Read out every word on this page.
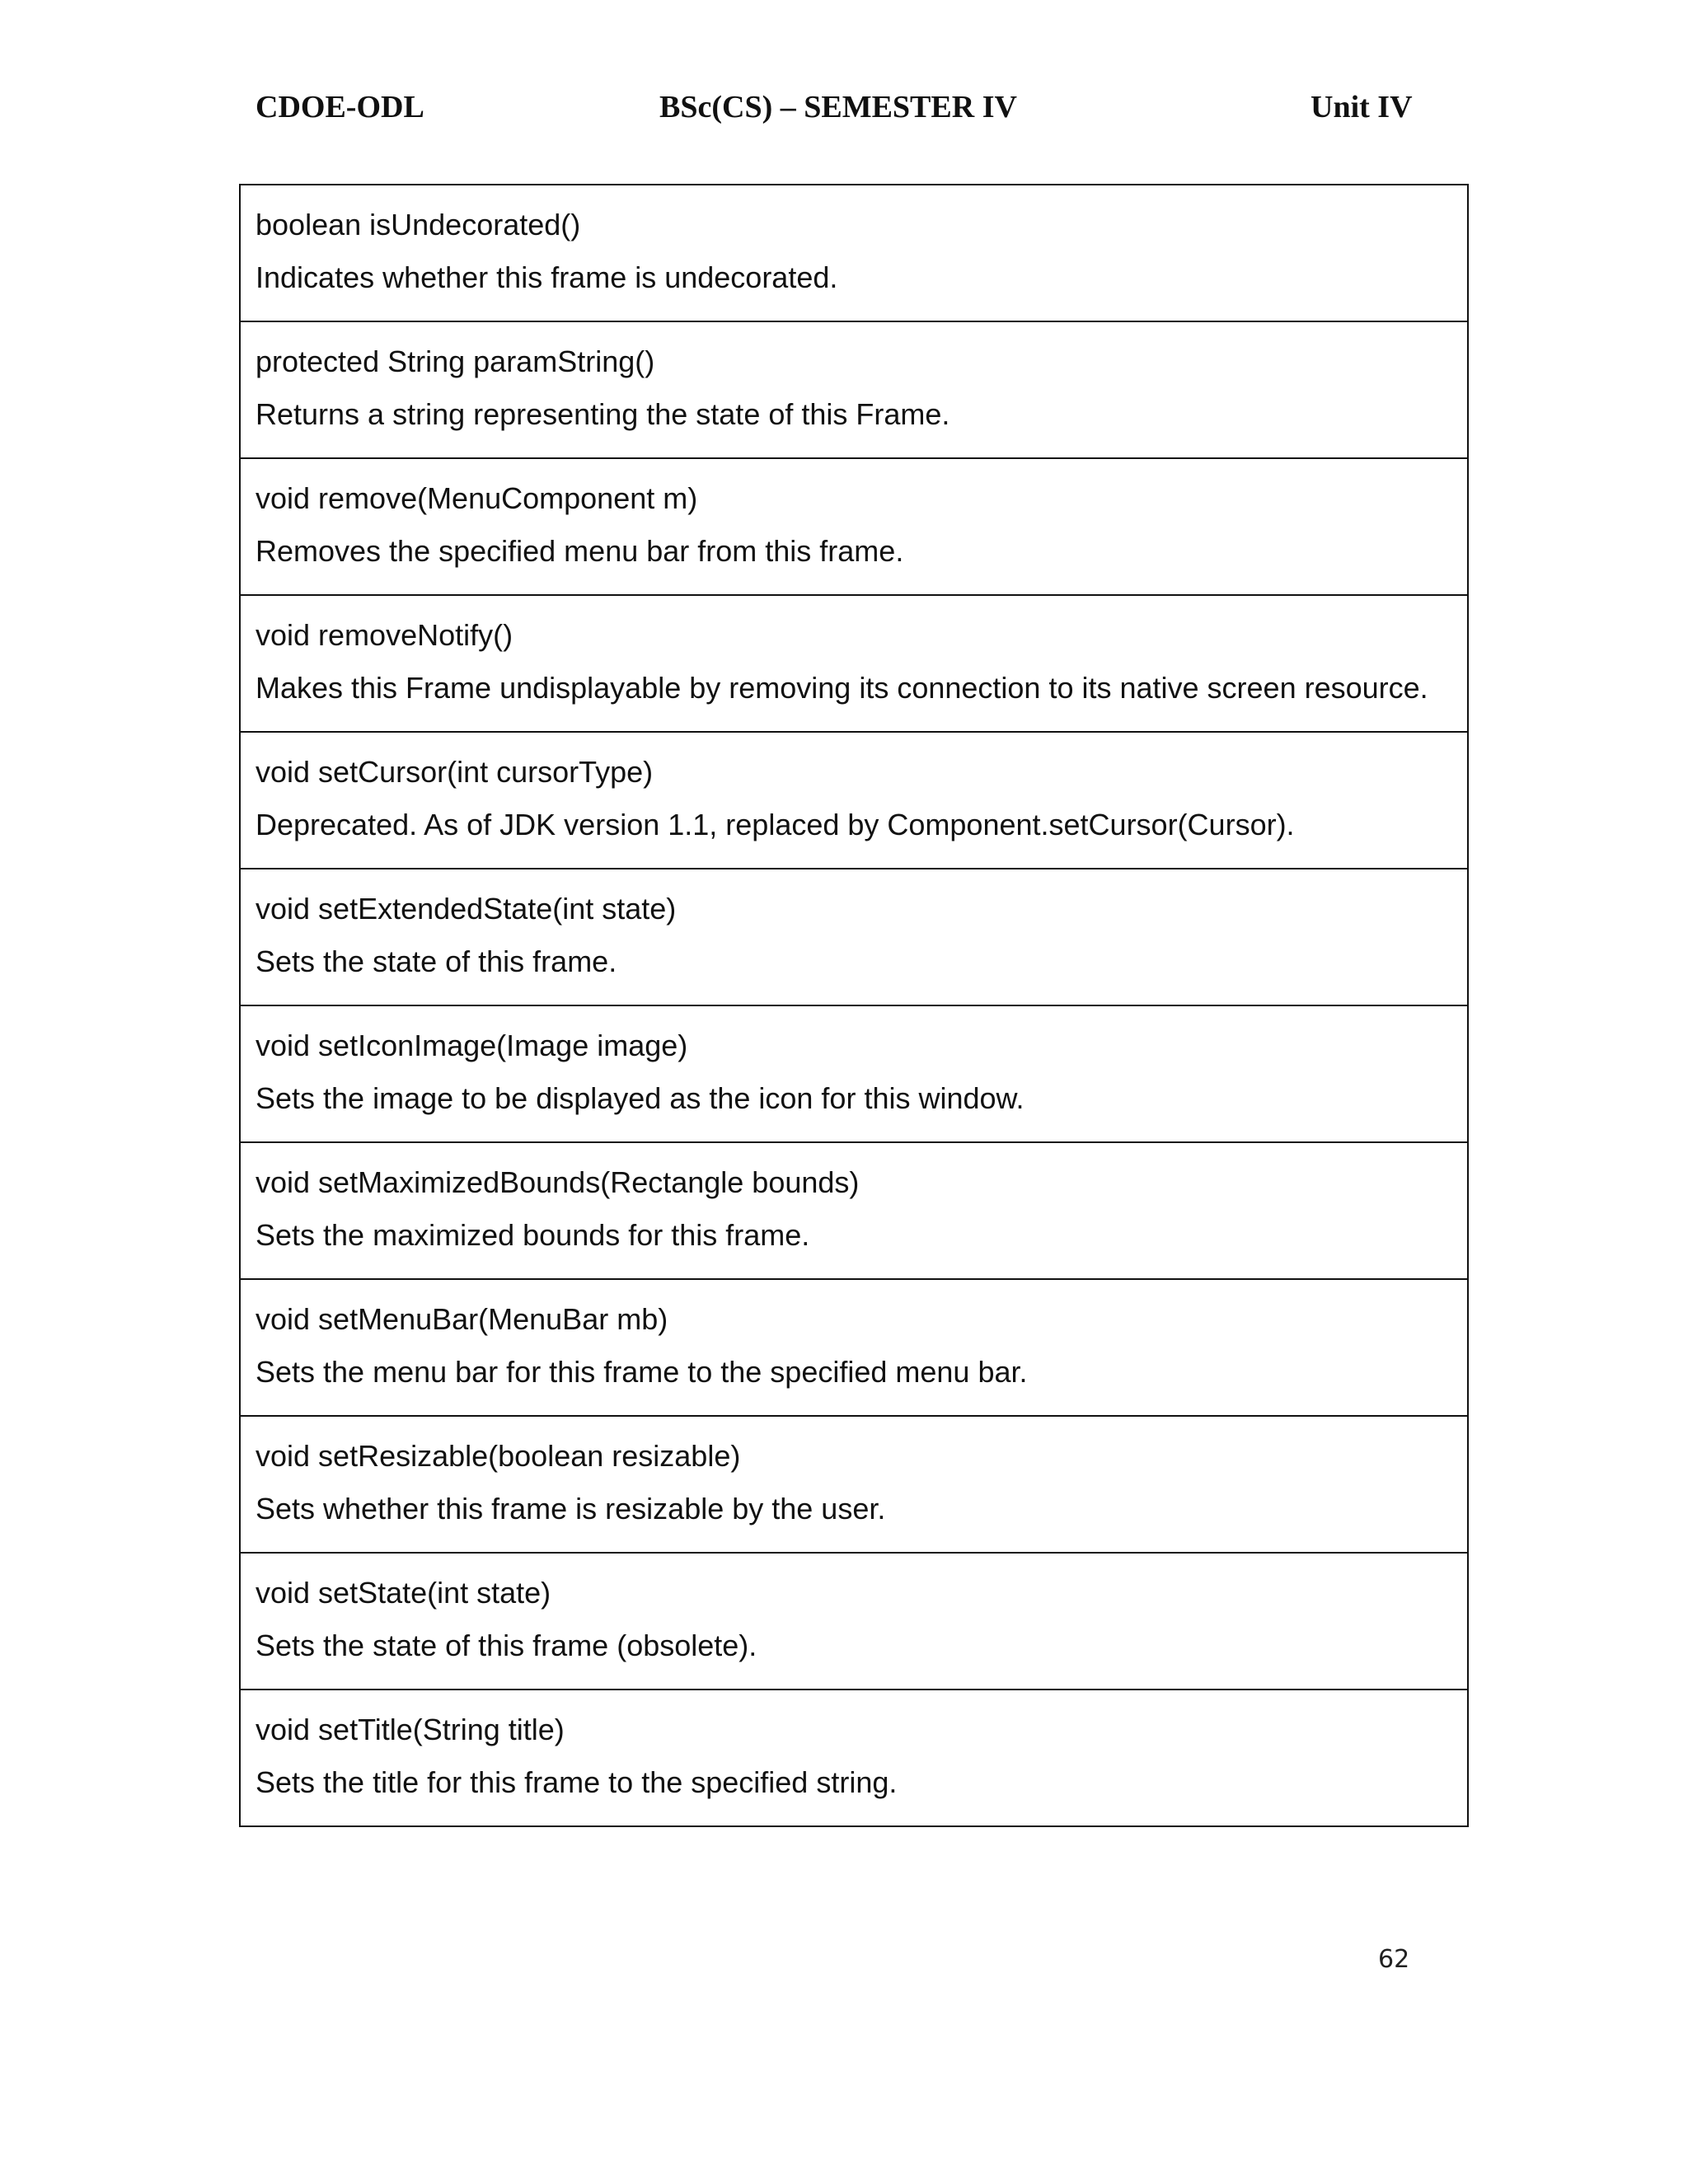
CDOE-ODL	BSc(CS) – SEMESTER IV	Unit IV
boolean isUndecorated()
Indicates whether this frame is undecorated.

protected String paramString()
Returns a string representing the state of this Frame.

void remove(MenuComponent m)
Removes the specified menu bar from this frame.

void removeNotify()
Makes this Frame undisplayable by removing its connection to its native screen resource.

void setCursor(int cursorType)
Deprecated. As of JDK version 1.1, replaced by Component.setCursor(Cursor).

void setExtendedState(int state)
Sets the state of this frame.

void setIconImage(Image image)
Sets the image to be displayed as the icon for this window.

void setMaximizedBounds(Rectangle bounds)
Sets the maximized bounds for this frame.

void setMenuBar(MenuBar mb)
Sets the menu bar for this frame to the specified menu bar.

void setResizable(boolean resizable)
Sets whether this frame is resizable by the user.

void setState(int state)
Sets the state of this frame (obsolete).

void setTitle(String title)
Sets the title for this frame to the specified string.
62
